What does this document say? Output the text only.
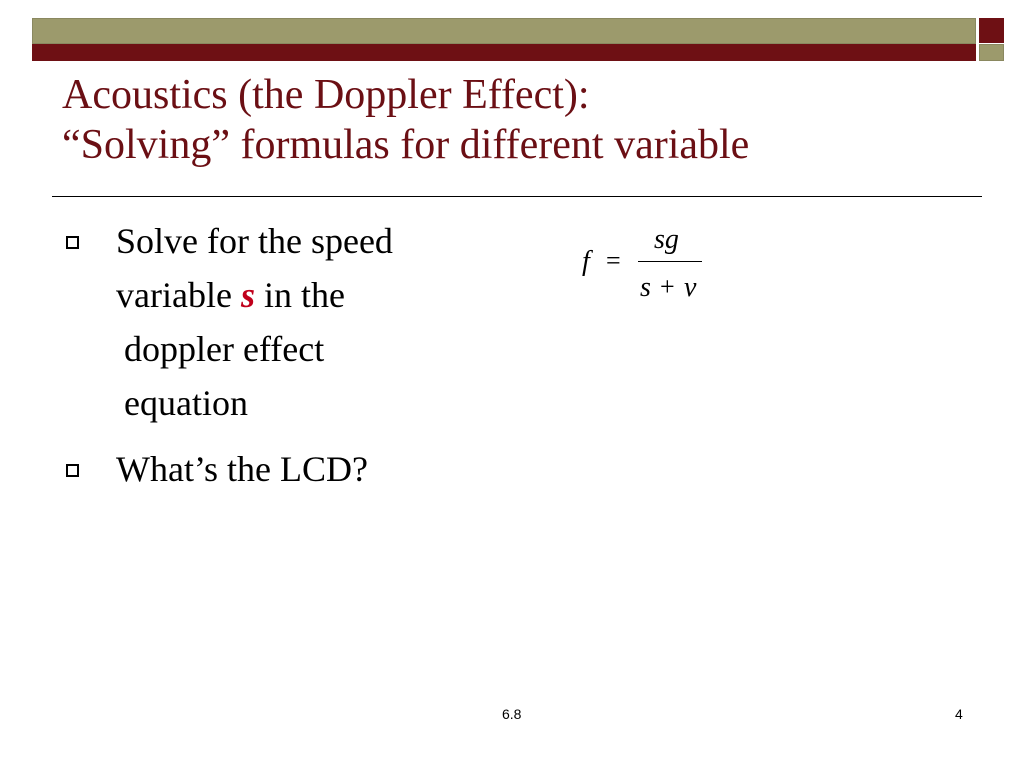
Acoustics (the Doppler Effect):
“Solving” formulas for different variable
Solve for the speed
variable s in the
doppler effect
equation
What’s the LCD?
f =
sg
s + v
6.8	4
